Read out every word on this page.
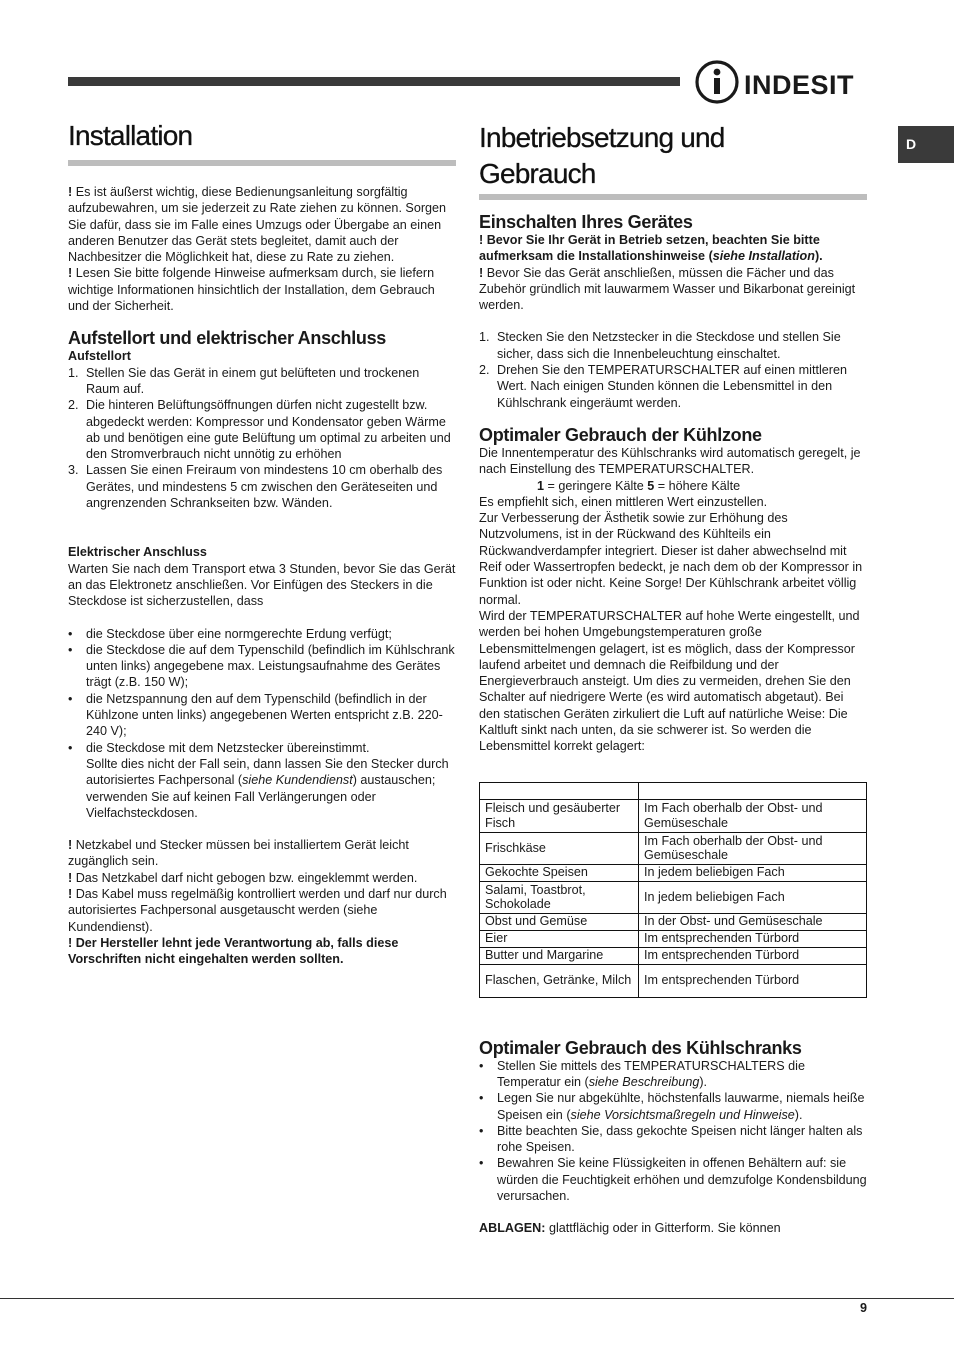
INDESIT
D
Installation

! Es ist äußerst wichtig, diese Bedienungsanleitung sorgfältig aufzubewahren, um sie jederzeit zu Rate ziehen zu können. Sorgen Sie dafür, dass sie im Falle eines Umzugs oder Übergabe an einen anderen Benutzer das Gerät stets begleitet, damit auch der Nachbesitzer die Möglichkeit hat, diese zu Rate zu ziehen.

! Lesen Sie bitte folgende Hinweise aufmerksam durch, sie liefern wichtige Informationen hinsichtlich der Installation, dem Gebrauch und der Sicherheit.

Aufstellort und elektrischer Anschluss
Aufstellort
1. Stellen Sie das Gerät in einem gut belüfteten und trockenen Raum auf.
2. Die hinteren Belüftungsöffnungen dürfen nicht zugestellt bzw. abgedeckt werden: Kompressor und Kondensator geben Wärme ab und benötigen eine gute Belüftung um optimal zu arbeiten und den Stromverbrauch nicht unnötig zu erhöhen
3. Lassen Sie einen Freiraum von mindestens 10 cm oberhalb des Gerätes, und mindestens 5 cm zwischen den Geräteseiten und angrenzenden Schrankseiten bzw. Wänden.
Elektrischer Anschluss

Warten Sie nach dem Transport etwa 3 Stunden, bevor Sie das Gerät an das Elektronetz anschließen. Vor Einfügen des Steckers in die Steckdose ist sicherzustellen, dass

• die Steckdose über eine normgerechte Erdung verfügt;
• die Steckdose die auf dem Typenschild (befindlich im Kühlschrank unten links) angegebene max. Leistungsaufnahme des Gerätes trägt (z.B. 150 W);
• die Netzspannung den auf dem Typenschild (befindlich in der Kühlzone unten links) angegebenen Werten entspricht z.B. 220-240 V);
• die Steckdose mit dem Netzstecker übereinstimmt.
Sollte dies nicht der Fall sein, dann lassen Sie den Stecker durch autorisiertes Fachpersonal (siehe Kundendienst) austauschen; verwenden Sie auf keinen Fall Verlängerungen oder Vielfachsteckdosen.

! Netzkabel und Stecker müssen bei installiertem Gerät leicht zugänglich sein.

! Das Netzkabel darf nicht gebogen bzw. eingeklemmt werden.

! Das Kabel muss regelmäßig kontrolliert werden und darf nur durch autorisiertes Fachpersonal ausgetauscht werden (siehe Kundendienst).

! Der Hersteller lehnt jede Verantwortung ab, falls diese Vorschriften nicht eingehalten werden sollten.

Inbetriebsetzung und
Gebrauch
Einschalten Ihres Gerätes

! Bevor Sie Ihr Gerät in Betrieb setzen, beachten Sie bitte aufmerksam die Installationshinweise (siehe Installation).

! Bevor Sie das Gerät anschließen, müssen die Fächer und das Zubehör gründlich mit lauwarmem Wasser und Bikarbonat gereinigt werden.

1. Stecken Sie den Netzstecker in die Steckdose und stellen Sie sicher, dass sich die Innenbeleuchtung einschaltet.
2. Drehen Sie den TEMPERATURSCHALTER auf einen mittleren Wert. Nach einigen Stunden können die Lebensmittel in den Kühlschrank eingeräumt werden.
Optimaler Gebrauch der Kühlzone

Die Innentemperatur des Kühlschranks wird automatisch geregelt, je nach Einstellung des TEMPERATURSCHALTER.

1 = geringere Kälte 5 = höhere Kälte

Es empfiehlt sich, einen mittleren Wert einzustellen.

Zur Verbesserung der Ästhetik sowie zur Erhöhung des Nutzvolumens, ist in der Rückwand des Kühlteils ein Rückwandverdampfer integriert. Dieser ist daher abwechselnd mit Reif oder Wassertropfen bedeckt, je nach dem ob der Kompressor in Funktion ist oder nicht. Keine Sorge! Der Kühlschrank arbeitet völlig normal.

Wird der TEMPERATURSCHALTER auf hohe Werte eingestellt, und werden bei hohen Umgebungstemperaturen große Lebensmittelmengen gelagert, ist es möglich, dass der Kompressor laufend arbeitet und demnach die Reifbildung und der Energieverbrauch ansteigt. Um dies zu vermeiden, drehen Sie den Schalter auf niedrigere Werte (es wird automatisch abgetaut). Bei den statischen Geräten zirkuliert die Luft auf natürliche Weise: Die Kaltluft sinkt nach unten, da sie schwerer ist. So werden die Lebensmittel korrekt gelagert:

Fleisch und gesäuberter Fisch	Im Fach oberhalb der Obst- und Gemüseschale
Frischkäse	Im Fach oberhalb der Obst- und Gemüseschale
Gekochte Speisen	In jedem beliebigen Fach
Salami, Toastbrot, Schokolade	In jedem beliebigen Fach
Obst und Gemüse	In der Obst- und Gemüseschale
Eier	Im entsprechenden Türbord
Butter und Margarine	Im entsprechenden Türbord
Flaschen, Getränke, Milch	Im entsprechenden Türbord
Optimaler Gebrauch des Kühlschranks
• Stellen Sie mittels des TEMPERATURSCHALTERS die Temperatur ein (siehe Beschreibung).
• Legen Sie nur abgekühlte, höchstenfalls lauwarme, niemals heiße Speisen ein (siehe Vorsichtsmaßregeln und Hinweise).
• Bitte beachten Sie, dass gekochte Speisen nicht länger halten als rohe Speisen.
• Bewahren Sie keine Flüssigkeiten in offenen Behältern auf: sie würden die Feuchtigkeit erhöhen und demzufolge Kondensbildung verursachen.

ABLAGEN: glattflächig oder in Gitterform. Sie können

9
